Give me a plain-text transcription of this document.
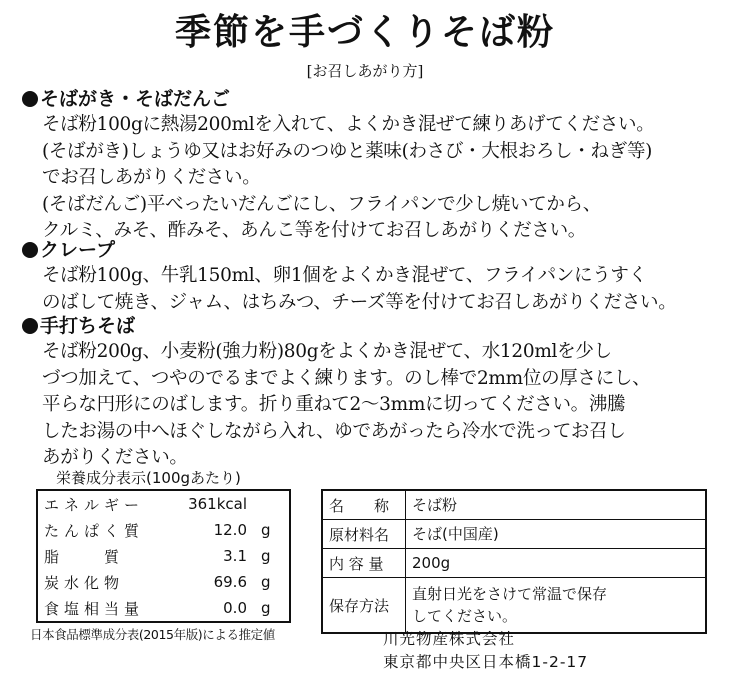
季節を手づくりそば粉
[お召しあがり方]
そばがき・そばだんご
そば粉100gに熱湯200mlを入れて、よくかき混ぜて練りあげてください。
(そばがき)しょうゆ又はお好みのつゆと薬味(わさび・大根おろし・ねぎ等)
でお召しあがりください。
(そばだんご)平べったいだんごにし、フライパンで少し焼いてから、
クルミ、みそ、酢みそ、あんこ等を付けてお召しあがりください。
クレープ
そば粉100g、牛乳150ml、卵1個をよくかき混ぜて、フライパンにうすく
のばして焼き、ジャム、はちみつ、チーズ等を付けてお召しあがりください。
手打ちそば
そば粉200g、小麦粉(強力粉)80gをよくかき混ぜて、水120mlを少し
づつ加えて、つやのでるまでよく練ります。のし棒で2mm位の厚さにし、
平らな円形にのばします。折り重ねて2〜3mmに切ってください。沸騰
したお湯の中へほぐしながら入れ、ゆであがったら冷水で洗ってお召し
あがりください。
栄養成分表示(100gあたり)
エネルギー	361kcal	
たんぱく質	12.0	g
脂　　質	3.1	g
炭水化物	69.6	g
食塩相当量	0.0	g
日本食品標準成分表(2015年版)による推定値
名　　称	そば粉
原材料名	そば(中国産)
内 容 量	200g
保存方法	直射日光をさけて常温で保存してください。
川光物産株式会社
東京都中央区日本橋1-2-17
